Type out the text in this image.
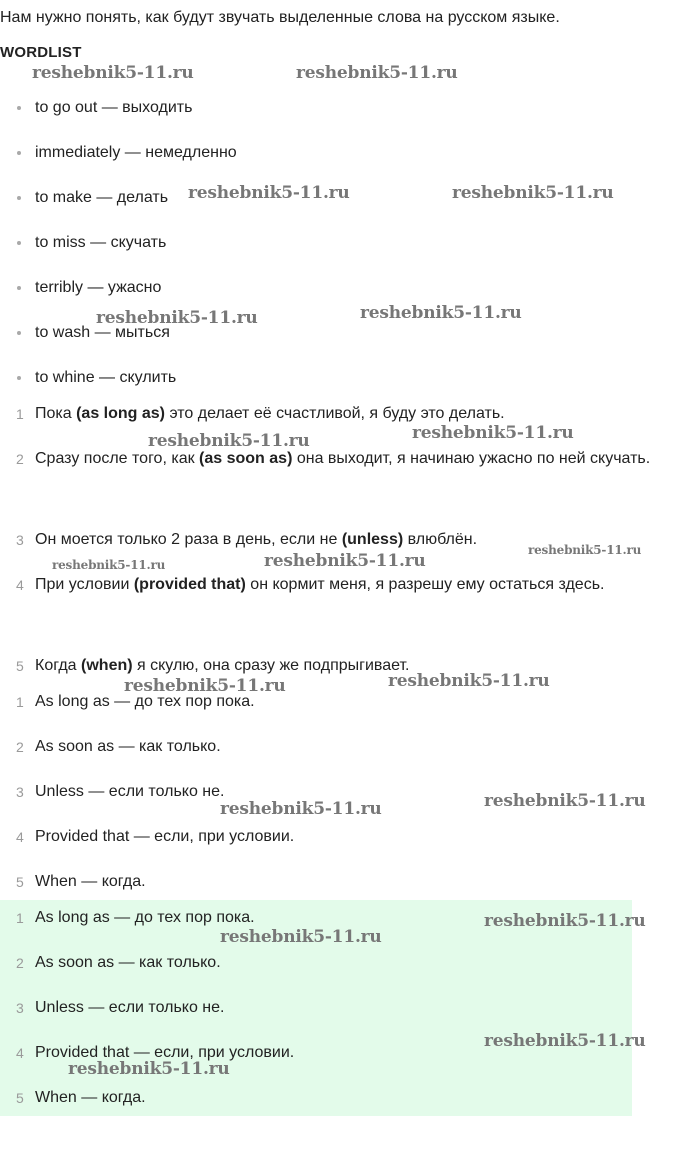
Нам нужно понять, как будут звучать выделенные слова на русском языке.

WORDLIST
to go out — выходить
immediately — немедленно
to make — делать
to miss — скучать
terribly — ужасно
to wash — мыться
to whine — скулить
1 Пока (as long as) это делает её счастливой, я буду это делать.
2 Сразу после того, как (as soon as) она выходит, я начинаю ужасно по ней скучать.
3 Он моется только 2 раза в день, если не (unless) влюблён.
4 При условии (provided that) он кормит меня, я разрешу ему остаться здесь.
5 Когда (when) я скулю, она сразу же подпрыгивает.
1 As long as — до тех пор пока.
2 As soon as — как только.
3 Unless — если только не.
4 Provided that — если, при условии.
5 When — когда.
1 As long as — до тех пор пока.
2 As soon as — как только.
3 Unless — если только не.
4 Provided that — если, при условии.
5 When — когда.
reshebnik5-11.ru	reshebnik5-11.ru
reshebnik5-11.ru	reshebnik5-11.ru
reshebnik5-11.ru	reshebnik5-11.ru
reshebnik5-11.ru	reshebnik5-11.ru
reshebnik5-11.ru	reshebnik5-11.ru
reshebnik5-11.ru
reshebnik5-11.ru	reshebnik5-11.ru
reshebnik5-11.ru	reshebnik5-11.ru
reshebnik5-11.ru
reshebnik5-11.ru
reshebnik5-11.ru
reshebnik5-11.ru
